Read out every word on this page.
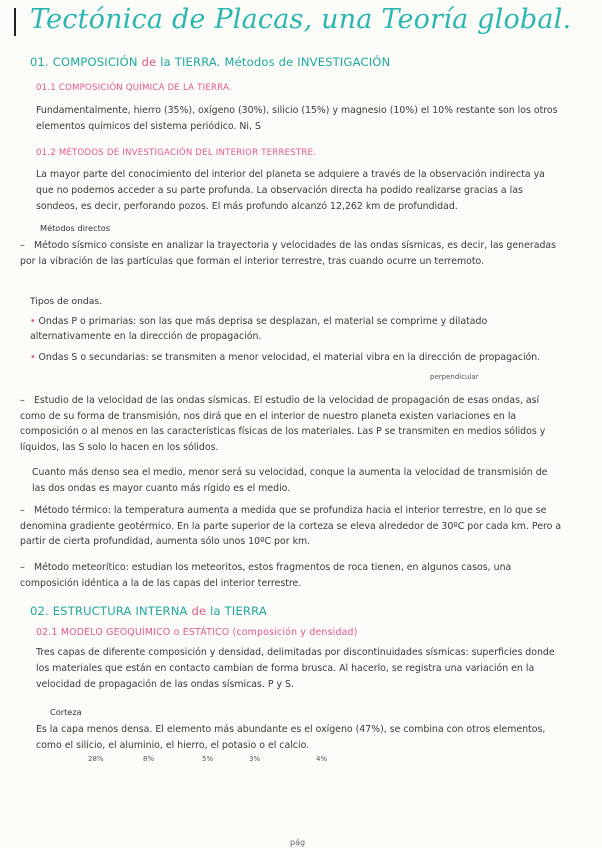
Tectónica de Placas, una Teoría global.
01. COMPOSICIÓN de la TIERRA. Métodos de INVESTIGACIÓN
01.1 COMPOSICIÓN QUÍMICA DE LA TIERRA.
Fundamentalmente, hierro (35%), oxígeno (30%), silicio (15%) y magnesio (10%) el 10% restante son los otros elementos químicos del sistema periódico. Ni, S
01.2 MÉTODOS DE INVESTIGACIÓN DEL INTERIOR TERRESTRE.
La mayor parte del conocimiento del interior del planeta se adquiere a través de la observación indirecta ya que no podemos acceder a su parte profunda. La observación directa ha podido realizarse gracias a las sondeos, es decir, perforando pozos. El más profundo alcanzó 12,262 km de profundidad.
Métodos directos
– Método sísmico consiste en analizar la trayectoria y velocidades de las ondas sísmicas, es decir, las generadas por la vibración de las partículas que forman el interior terrestre, tras cuando ocurre un terremoto.
Tipos de ondas.
• Ondas P o primarias: son las que más deprisa se desplazan, el material se comprime y dilatado alternativamente en la dirección de propagación.
• Ondas S o secundarias: se transmiten a menor velocidad, el material vibra en la dirección de propagación.
perpendicular
– Estudio de la velocidad de las ondas sísmicas. El estudio de la velocidad de propagación de esas ondas, así como de su forma de transmisión, nos dirá que en el interior de nuestro planeta existen variaciones en la composición o al menos en las características físicas de los materiales. Las P se transmiten en medios sólidos y líquidos, las S solo lo hacen en los sólidos.
Cuanto más denso sea el medio, menor será su velocidad, conque la aumenta la velocidad de transmisión de las dos ondas es mayor cuanto más rígido es el medio.
– Método térmico: la temperatura aumenta a medida que se profundiza hacia el interior terrestre, en lo que se denomina gradiente geotérmico. En la parte superior de la corteza se eleva alrededor de 30ºC por cada km. Pero a partir de cierta profundidad, aumenta sólo unos 10ºC por km.
– Método meteorítico: estudian los meteoritos, estos fragmentos de roca tienen, en algunos casos, una composición idéntica a la de las capas del interior terrestre.
02. ESTRUCTURA INTERNA de la TIERRA
02.1 MODELO GEOQUÍMICO o ESTÁTICO (composición y densidad)
Tres capas de diferente composición y densidad, delimitadas por discontinuidades sísmicas: superficies donde los materiales que están en contacto cambian de forma brusca. Al hacerlo, se registra una variación en la velocidad de propagación de las ondas sísmicas. P y S.
Corteza
Es la capa menos densa. El elemento más abundante es el oxígeno (47%), se combina con otros elementos, como el silicio, el aluminio, el hierro, el potasio o el calcio.
28%	8%	5%	3%	4%
pág
